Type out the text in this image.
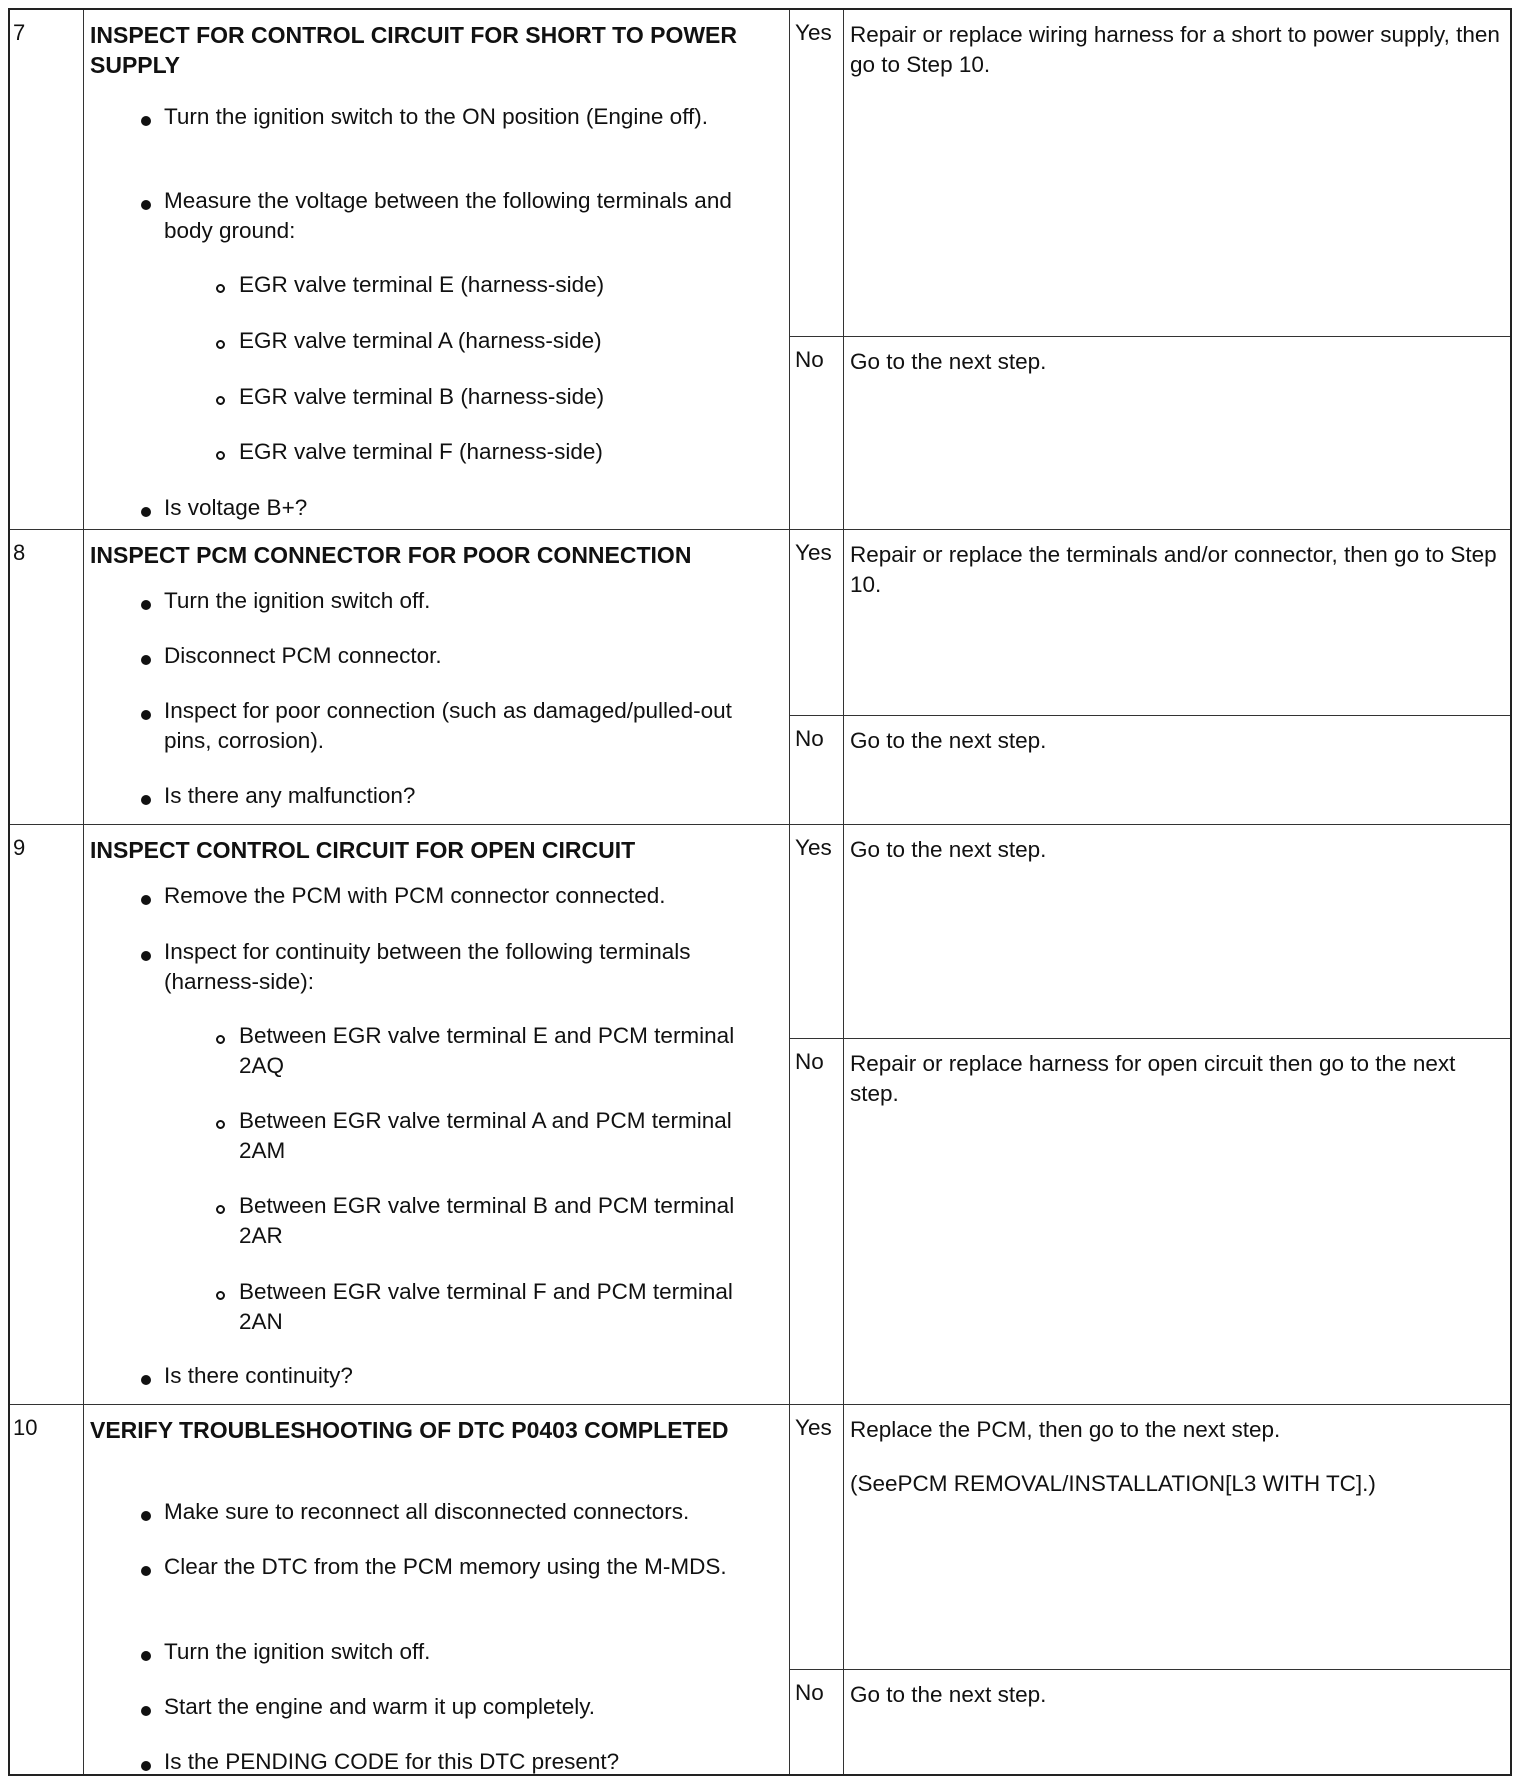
7	INSPECT FOR CONTROL CIRCUIT FOR SHORT TO POWER SUPPLY
Turn the ignition switch to the ON position (Engine off).
Measure the voltage between the following terminals and body ground:
EGR valve terminal E (harness-side)
EGR valve terminal A (harness-side)
EGR valve terminal B (harness-side)
EGR valve terminal F (harness-side)
Is voltage B+?
Yes Repair or replace wiring harness for a short to power supply, then go to Step 10.
No Go to the next step.
8	INSPECT PCM CONNECTOR FOR POOR CONNECTION
Turn the ignition switch off.
Disconnect PCM connector.
Inspect for poor connection (such as damaged/pulled-out pins, corrosion).
Is there any malfunction?
Yes Repair or replace the terminals and/or connector, then go to Step 10.
No Go to the next step.
9	INSPECT CONTROL CIRCUIT FOR OPEN CIRCUIT
Remove the PCM with PCM connector connected.
Inspect for continuity between the following terminals (harness-side):
Between EGR valve terminal E and PCM terminal 2AQ
Between EGR valve terminal A and PCM terminal 2AM
Between EGR valve terminal B and PCM terminal 2AR
Between EGR valve terminal F and PCM terminal 2AN
Is there continuity?
Yes Go to the next step.
No Repair or replace harness for open circuit then go to the next step.
10 VERIFY TROUBLESHOOTING OF DTC P0403 COMPLETED
Make sure to reconnect all disconnected connectors.
Clear the DTC from the PCM memory using the M-MDS.
Turn the ignition switch off.
Start the engine and warm it up completely.
Is the PENDING CODE for this DTC present?
Yes Replace the PCM, then go to the next step.
(SeePCM REMOVAL/INSTALLATION[L3 WITH TC].)
No Go to the next step.
